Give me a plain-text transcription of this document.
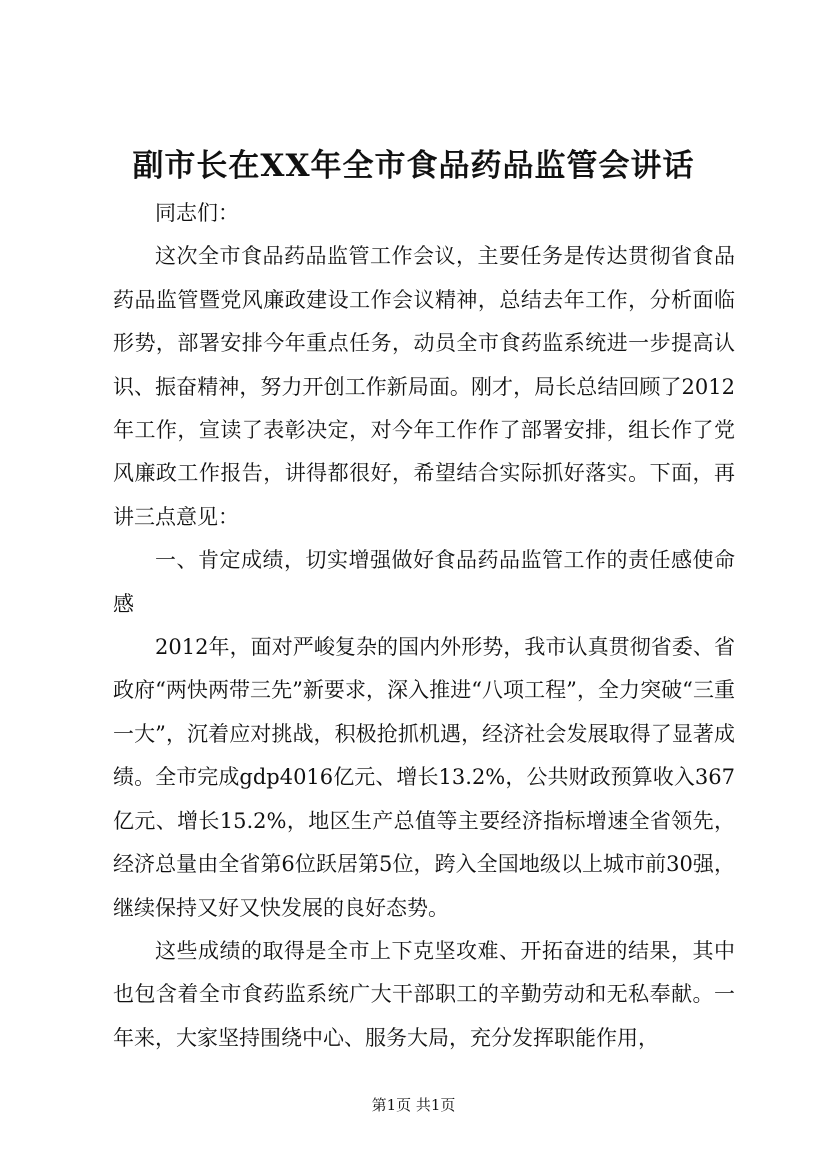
副市长在XX年全市食品药品监管会讲话

同志们：

这次全市食品药品监管工作会议，主要任务是传达贯彻省食品药品监管暨党风廉政建设工作会议精神，总结去年工作，分析面临形势，部署安排今年重点任务，动员全市食药监系统进一步提高认识、振奋精神，努力开创工作新局面。刚才，局长总结回顾了2012年工作，宣读了表彰决定，对今年工作作了部署安排，组长作了党风廉政工作报告，讲得都很好，希望结合实际抓好落实。下面，再讲三点意见：

一、肯定成绩，切实增强做好食品药品监管工作的责任感使命感

2012年，面对严峻复杂的国内外形势，我市认真贯彻省委、省政府“两快两带三先”新要求，深入推进“八项工程”，全力突破“三重一大”，沉着应对挑战，积极抢抓机遇，经济社会发展取得了显著成绩。全市完成gdp4016亿元、增长13.2%，公共财政预算收入367亿元、增长15.2%，地区生产总值等主要经济指标增速全省领先，经济总量由全省第6位跃居第5位，跨入全国地级以上城市前30强，继续保持又好又快发展的良好态势。

这些成绩的取得是全市上下克坚攻难、开拓奋进的结果，其中也包含着全市食药监系统广大干部职工的辛勤劳动和无私奉献。一年来，大家坚持围绕中心、服务大局，充分发挥职能作用，

第1页 共1页
